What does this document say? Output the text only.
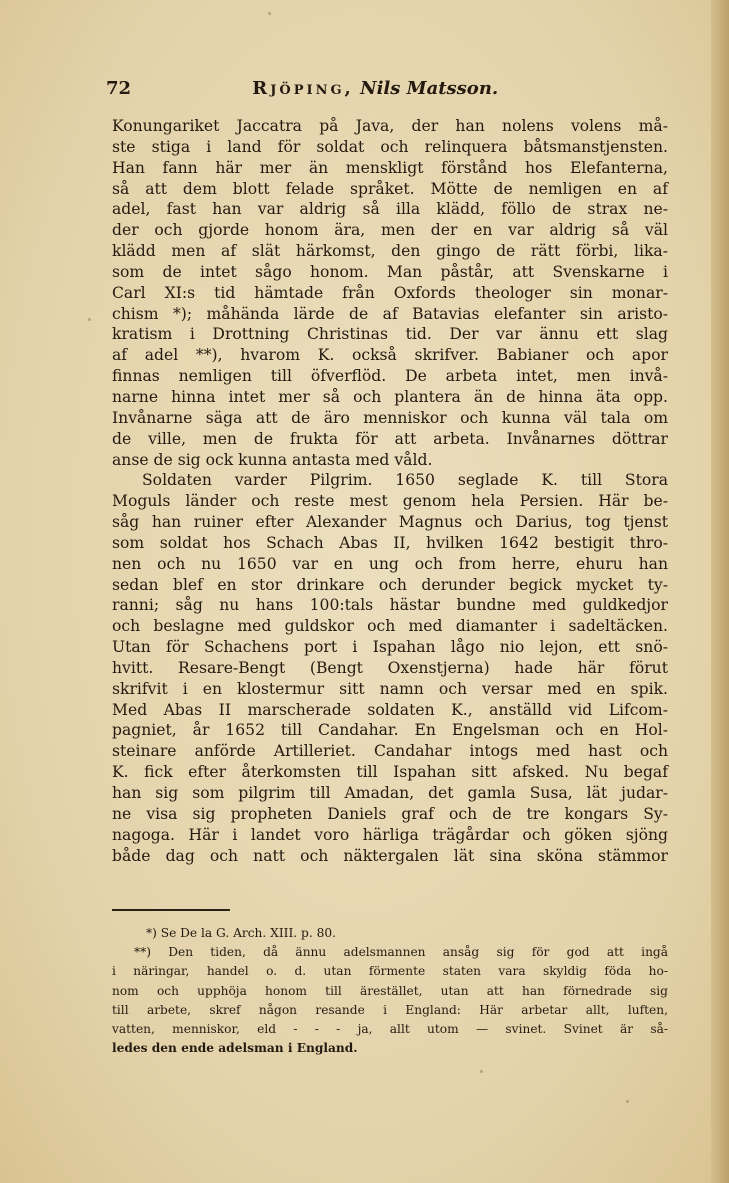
72	Rjöping, Nils Matsson.
Konungariket Jaccatra på Java, der han nolens volens må-
ste stiga i land för soldat och relinquera båtsmanstjensten.
Han fann här mer än menskligt förstånd hos Elefanterna,
så att dem blott felade språket. Mötte de nemligen en af
adel, fast han var aldrig så illa klädd, föllo de strax ne-
der och gjorde honom ära, men der en var aldrig så väl
klädd men af slät härkomst, den gingo de rätt förbi, lika-
som de intet sågo honom. Man påstår, att Svenskarne i
Carl XI:s tid hämtade från Oxfords theologer sin monar-
chism *); måhända lärde de af Batavias elefanter sin aristo-
kratism i Drottning Christinas tid. Der var ännu ett slag
af adel **), hvarom K. också skrifver. Babianer och apor
finnas nemligen till öfverflöd. De arbeta intet, men invå-
narne hinna intet mer så och plantera än de hinna äta opp.
Invånarne säga att de äro menniskor och kunna väl tala om
de ville, men de frukta för att arbeta. Invånarnes döttrar
anse de sig ock kunna antasta med våld.
Soldaten varder Pilgrim. 1650 seglade K. till Stora
Moguls länder och reste mest genom hela Persien. Här be-
såg han ruiner efter Alexander Magnus och Darius, tog tjenst
som soldat hos Schach Abas II, hvilken 1642 bestigit thro-
nen och nu 1650 var en ung och from herre, ehuru han
sedan blef en stor drinkare och derunder begick mycket ty-
ranni; såg nu hans 100:tals hästar bundne med guldkedjor
och beslagne med guldskor och med diamanter i sadeltäcken.
Utan för Schachens port i Ispahan lågo nio lejon, ett snö-
hvitt. Resare-Bengt (Bengt Oxenstjerna) hade här förut
skrifvit i en klostermur sitt namn och versar med en spik.
Med Abas II marscherade soldaten K., anställd vid Lifcom-
pagniet, år 1652 till Candahar. En Engelsman och en Hol-
steinare anförde Artilleriet. Candahar intogs med hast och
K. fick efter återkomsten till Ispahan sitt afsked. Nu begaf
han sig som pilgrim till Amadan, det gamla Susa, lät judar-
ne visa sig propheten Daniels graf och de tre kongars Sy-
nagoga. Här i landet voro härliga trägårdar och göken sjöng
både dag och natt och näktergalen lät sina sköna stämmor
*) Se De la G. Arch. XIII. p. 80.
**) Den tiden, då ännu adelsmannen ansåg sig för god att ingå
i näringar, handel o. d. utan förmente staten vara skyldig föda ho-
nom och upphöja honom till ärestället, utan att han förnedrade sig
till arbete, skref någon resande i England: Här arbetar allt, luften,
vatten, menniskor, eld - - - ja, allt utom — svinet. Svinet är så-
ledes den ende adelsman i England.
